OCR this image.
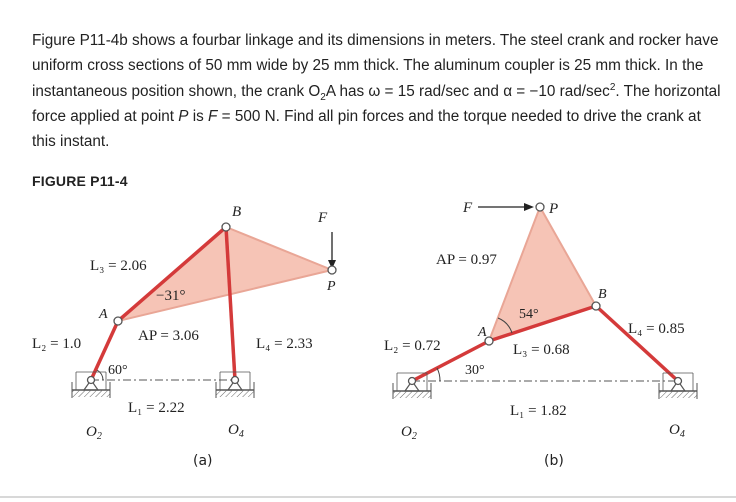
Figure P11-4b shows a fourbar linkage and its dimensions in meters. The steel crank and rocker have uniform cross sections of 50 mm wide by 25 mm thick. The aluminum coupler is 25 mm thick. In the instantaneous position shown, the crank $O_2A$ has ω = 15 rad/sec and α = −10 rad/$\sec^2$. The horizontal force applied at point P is F = 500 N. Find all pin forces and the torque needed to drive the crank at this instant.

FIGURE P11-4

B	F
P
A
L₃ = 2.06
−31°
L₂ = 1.0	AP = 3.06	L₄ = 2.33
60°
L₁ = 2.22
$O_2$	$O_4$
(a)
F	P
AP = 0.97
B
54°
L₄ = 0.85
A
L₂ = 0.72	L₃ = 0.68
30°
L₁ = 1.82
$O_2$	$O_4$
(b)
